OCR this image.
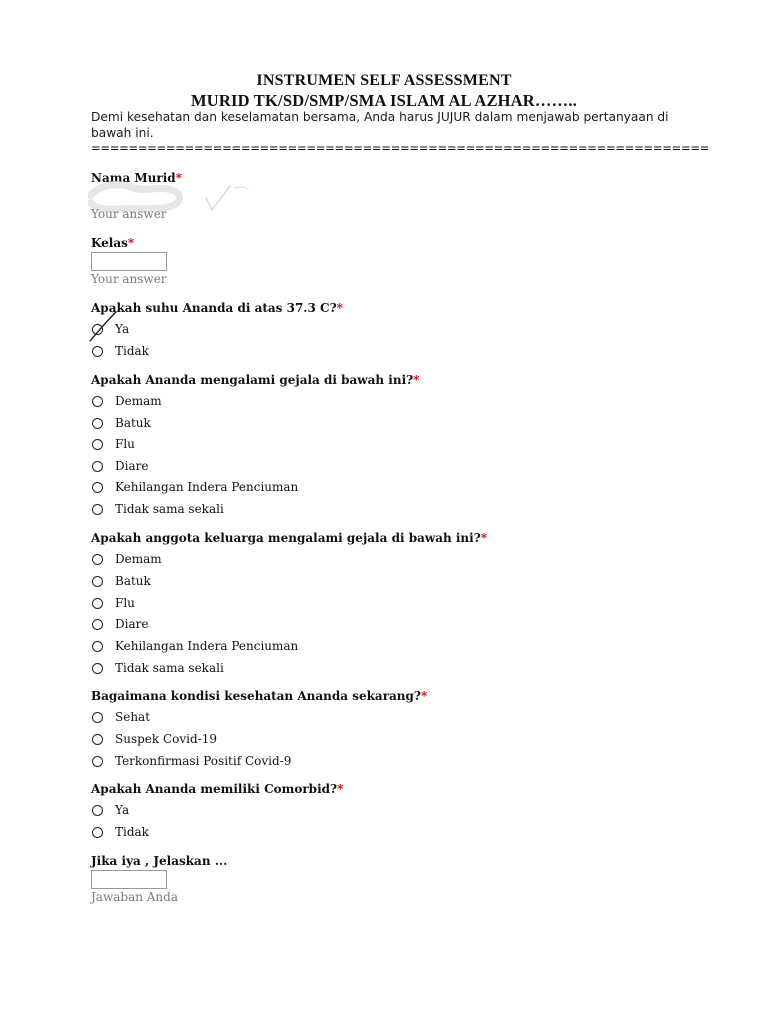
INSTRUMEN SELF ASSESSMENT
MURID TK/SD/SMP/SMA ISLAM AL AZHAR……..
Demi kesehatan dan keselamatan bersama, Anda harus JUJUR dalam menjawab pertanyaan di bawah ini.
==================================================================
Nama Murid*
Your answer
Kelas*
Your answer
Apakah suhu Ananda di atas 37.3 C?*
Ya
Tidak
Apakah Ananda mengalami gejala di bawah ini?*
Demam
Batuk
Flu
Diare
Kehilangan Indera Penciuman
Tidak sama sekali
Apakah anggota keluarga mengalami gejala di bawah ini?*
Demam
Batuk
Flu
Diare
Kehilangan Indera Penciuman
Tidak sama sekali
Bagaimana kondisi kesehatan Ananda sekarang?*
Sehat
Suspek Covid-19
Terkonfirmasi Positif Covid-9
Apakah Ananda memiliki Comorbid?*
Ya
Tidak
Jika iya , Jelaskan ...
Jawaban Anda
